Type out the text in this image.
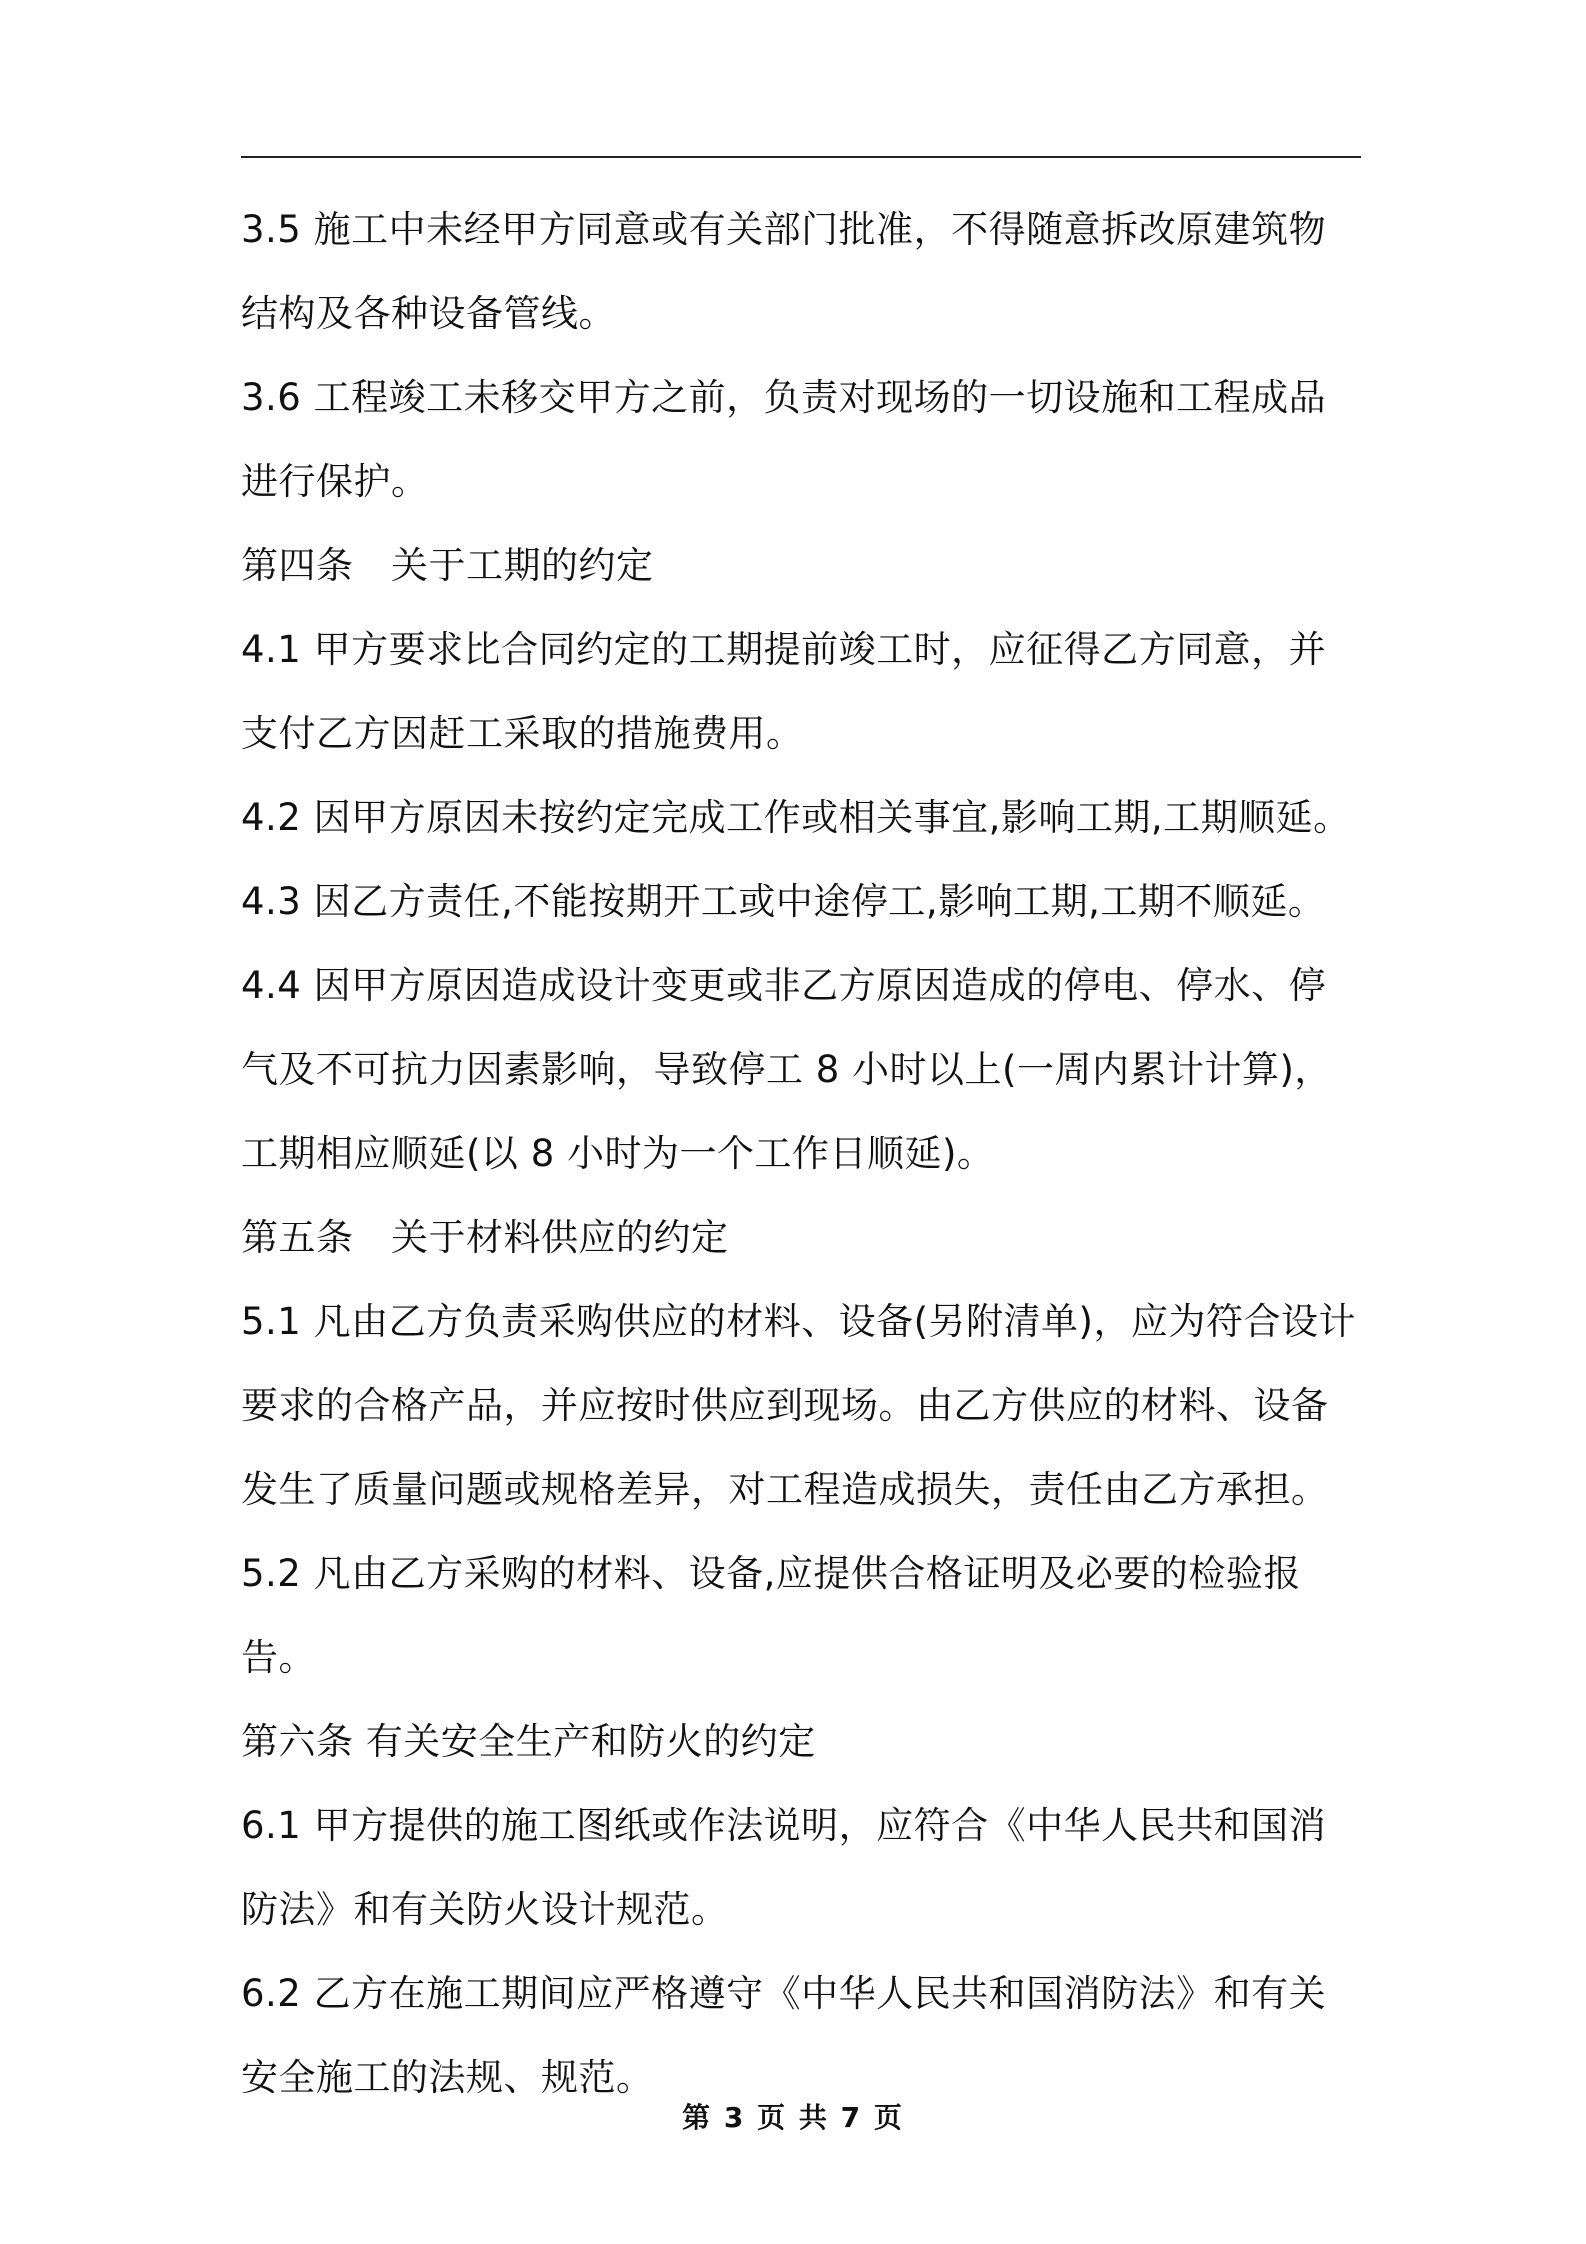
3.5 施工中未经甲方同意或有关部门批准，不得随意拆改原建筑物结构及各种设备管线。

3.6 工程竣工未移交甲方之前，负责对现场的一切设施和工程成品进行保护。

第四条　关于工期的约定

4.1 甲方要求比合同约定的工期提前竣工时，应征得乙方同意，并支付乙方因赶工采取的措施费用。

4.2 因甲方原因未按约定完成工作或相关事宜,影响工期,工期顺延。

4.3 因乙方责任,不能按期开工或中途停工,影响工期,工期不顺延。

4.4 因甲方原因造成设计变更或非乙方原因造成的停电、停水、停气及不可抗力因素影响，导致停工 8 小时以上(一周内累计计算)，工期相应顺延(以 8 小时为一个工作日顺延)。

第五条　关于材料供应的约定

5.1 凡由乙方负责采购供应的材料、设备(另附清单)，应为符合设计要求的合格产品，并应按时供应到现场。由乙方供应的材料、设备发生了质量问题或规格差异，对工程造成损失，责任由乙方承担。

5.2 凡由乙方采购的材料、设备,应提供合格证明及必要的检验报告。

第六条 有关安全生产和防火的约定

6.1 甲方提供的施工图纸或作法说明，应符合《中华人民共和国消防法》和有关防火设计规范。

6.2 乙方在施工期间应严格遵守《中华人民共和国消防法》和有关安全施工的法规、规范。

第 3 页 共 7 页
